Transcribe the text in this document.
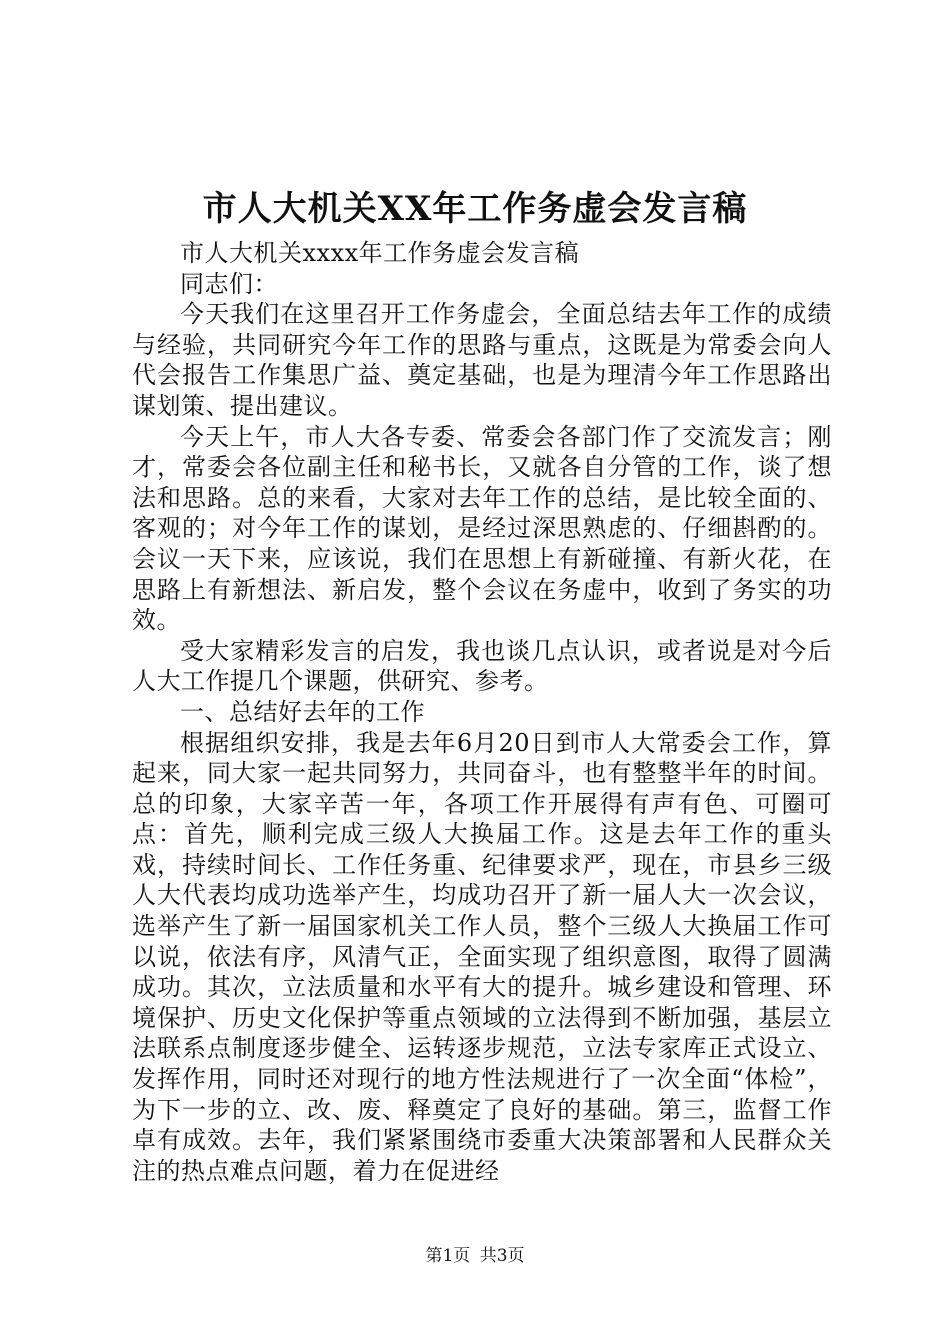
市人大机关XX年工作务虚会发言稿

市人大机关xxxx年工作务虚会发言稿

同志们：

今天我们在这里召开工作务虚会，全面总结去年工作的成绩与经验，共同研究今年工作的思路与重点，这既是为常委会向人代会报告工作集思广益、奠定基础，也是为理清今年工作思路出谋划策、提出建议。

今天上午，市人大各专委、常委会各部门作了交流发言；刚才，常委会各位副主任和秘书长，又就各自分管的工作，谈了想法和思路。总的来看，大家对去年工作的总结，是比较全面的、客观的；对今年工作的谋划，是经过深思熟虑的、仔细斟酌的。会议一天下来，应该说，我们在思想上有新碰撞、有新火花，在思路上有新想法、新启发，整个会议在务虚中，收到了务实的功效。

受大家精彩发言的启发，我也谈几点认识，或者说是对今后人大工作提几个课题，供研究、参考。

一、总结好去年的工作

根据组织安排，我是去年6月20日到市人大常委会工作，算起来，同大家一起共同努力，共同奋斗，也有整整半年的时间。总的印象，大家辛苦一年，各项工作开展得有声有色、可圈可点：首先，顺利完成三级人大换届工作。这是去年工作的重头戏，持续时间长、工作任务重、纪律要求严，现在，市县乡三级人大代表均成功选举产生，均成功召开了新一届人大一次会议，选举产生了新一届国家机关工作人员，整个三级人大换届工作可以说，依法有序，风清气正，全面实现了组织意图，取得了圆满成功。其次，立法质量和水平有大的提升。城乡建设和管理、环境保护、历史文化保护等重点领域的立法得到不断加强，基层立法联系点制度逐步健全、运转逐步规范，立法专家库正式设立、发挥作用，同时还对现行的地方性法规进行了一次全面“体检”，为下一步的立、改、废、释奠定了良好的基础。第三，监督工作卓有成效。去年，我们紧紧围绕市委重大决策部署和人民群众关注的热点难点问题，着力在促进经

第1页 共3页
